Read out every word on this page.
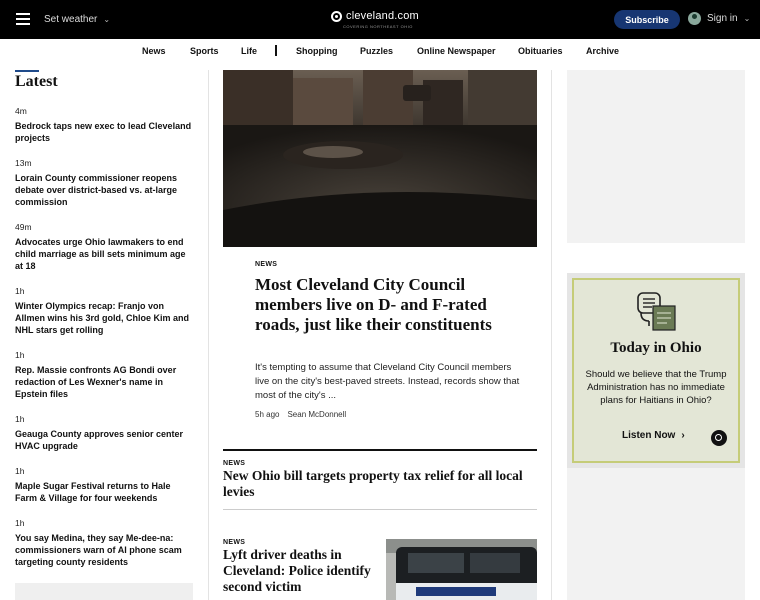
Set weather ⌄	cleveland.com
COVERING NORTHEAST OHIO
Subscribe	Sign in ⌄
News	Sports Life	Shopping	Puzzles	Online Newspaper Obituaries	Archive
Latest
4m
Bedrock taps new exec to lead Cleveland projects
13m
Lorain County commissioner reopens debate over district-based vs. at-large commission
49m
Advocates urge Ohio lawmakers to end child marriage as bill sets minimum age at 18
1h
Winter Olympics recap: Franjo von Allmen wins his 3rd gold, Chloe Kim and NHL stars get rolling
1h
Rep. Massie confronts AG Bondi over redaction of Les Wexner's name in Epstein files
1h
Geauga County approves senior center HVAC upgrade
1h
Maple Sugar Festival returns to Hale Farm & Village for four weekends
1h
You say Medina, they say Me-dee-na: commissioners warn of AI phone scam targeting county residents
NEWS
Most Cleveland City Council members live on D- and F-rated roads, just like their constituents
It's tempting to assume that Cleveland City Council members live on the city's best-paved streets. Instead, records show that most of the city's ...
5h ago Sean McDonnell
NEWS
New Ohio bill targets property tax relief for all local levies
NEWS
Lyft driver deaths in Cleveland: Police identify second victim
Today in Ohio
Should we believe that the Trump Administration has no immediate plans for Haitians in Ohio?
Listen Now ›
